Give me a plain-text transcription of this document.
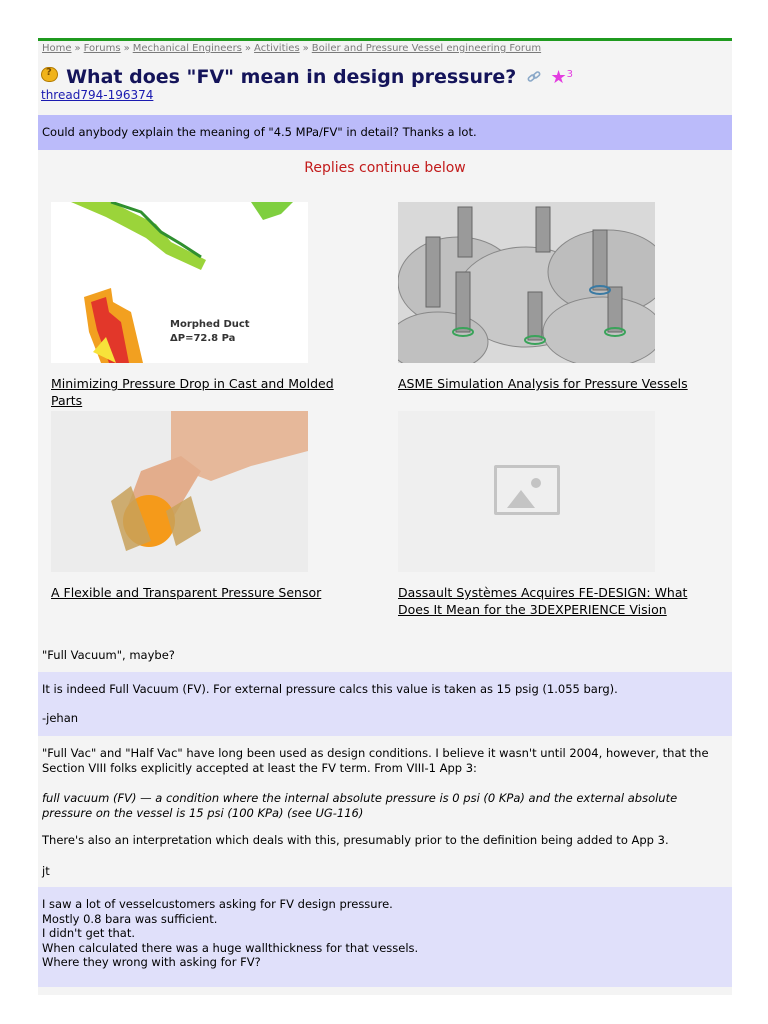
Home » Forums » Mechanical Engineers » Activities » Boiler and Pressure Vessel engineering Forum
? What does "FV" mean in design pressure? ★$^3$
thread794-196374
Could anybody explain the meaning of "4.5 MPa/FV" in detail? Thanks a lot.
Replies continue below
Morphed Duct
ΔP=72.8 Pa
Minimizing Pressure Drop in Cast and Molded Parts
ASME Simulation Analysis for Pressure Vessels
A Flexible and Transparent Pressure Sensor	Dassault Systèmes Acquires FE-DESIGN: What Does It Mean for the 3DEXPERIENCE Vision

"Full Vacuum", maybe?

It is indeed Full Vacuum (FV). For external pressure calcs this value is taken as 15 psig (1.055 barg).

-jehan

"Full Vac" and "Half Vac" have long been used as design conditions. I believe it wasn't until 2004, however, that the Section VIII folks explicitly accepted at least the FV term. From VIII-1 App 3:

full vacuum (FV) — a condition where the internal absolute pressure is 0 psi (0 KPa) and the external absolute pressure on the vessel is 15 psi (100 KPa) (see UG-116)

There's also an interpretation which deals with this, presumably prior to the definition being added to App 3.

jt

I saw a lot of vesselcustomers asking for FV design pressure.
Mostly 0.8 bara was sufficient.
I didn't get that.
When calculated there was a huge wallthickness for that vessels.
Where they wrong with asking for FV?
